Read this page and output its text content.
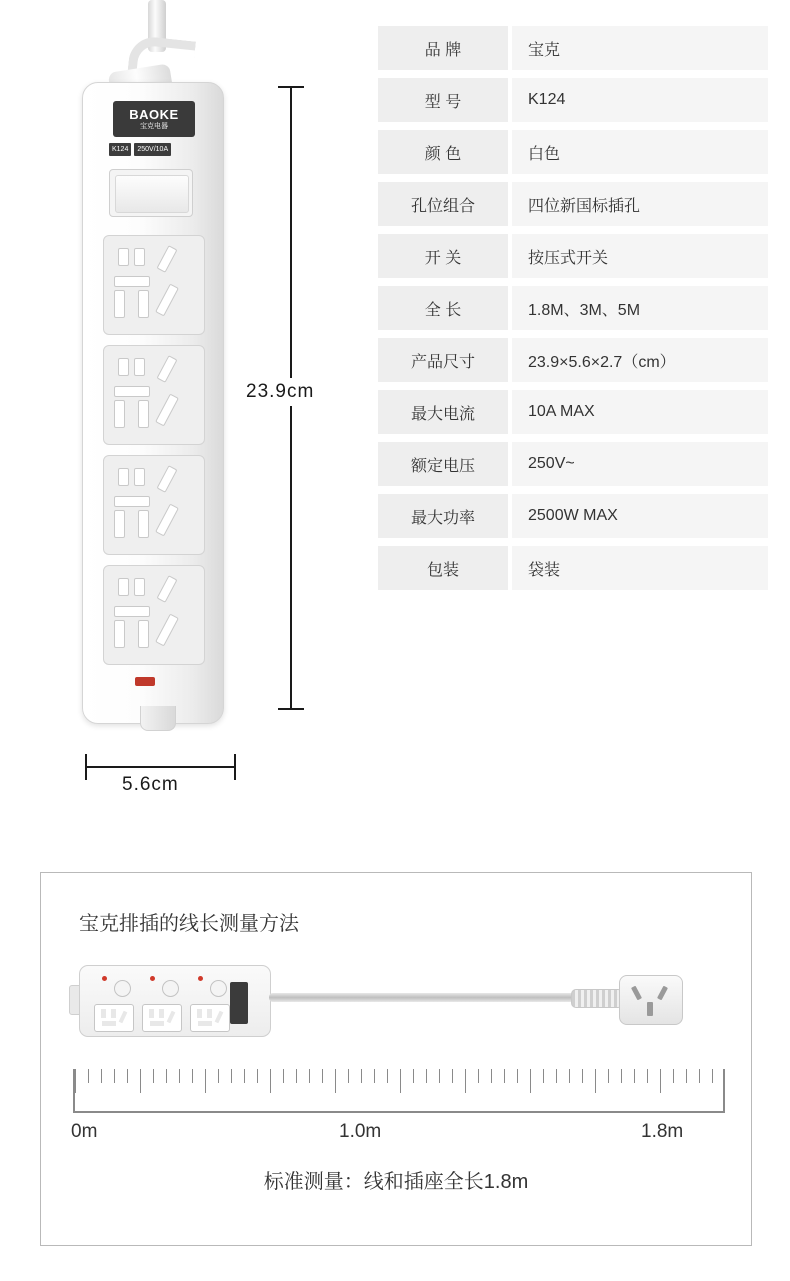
BAOKE
宝克电器
K124	250V/10A
23.9cm
5.6cm
品 牌	宝克
型 号	K124
颜 色	白色
孔位组合	四位新国标插孔
开 关	按压式开关
全 长	1.8M、3M、5M
产品尺寸	23.9×5.6×2.7（cm）
最大电流	10A MAX
额定电压	250V~
最大功率	2500W MAX
包装	袋装
宝克排插的线长测量方法
0m	1.0m	1.8m
标准测量：线和插座全长1.8m
